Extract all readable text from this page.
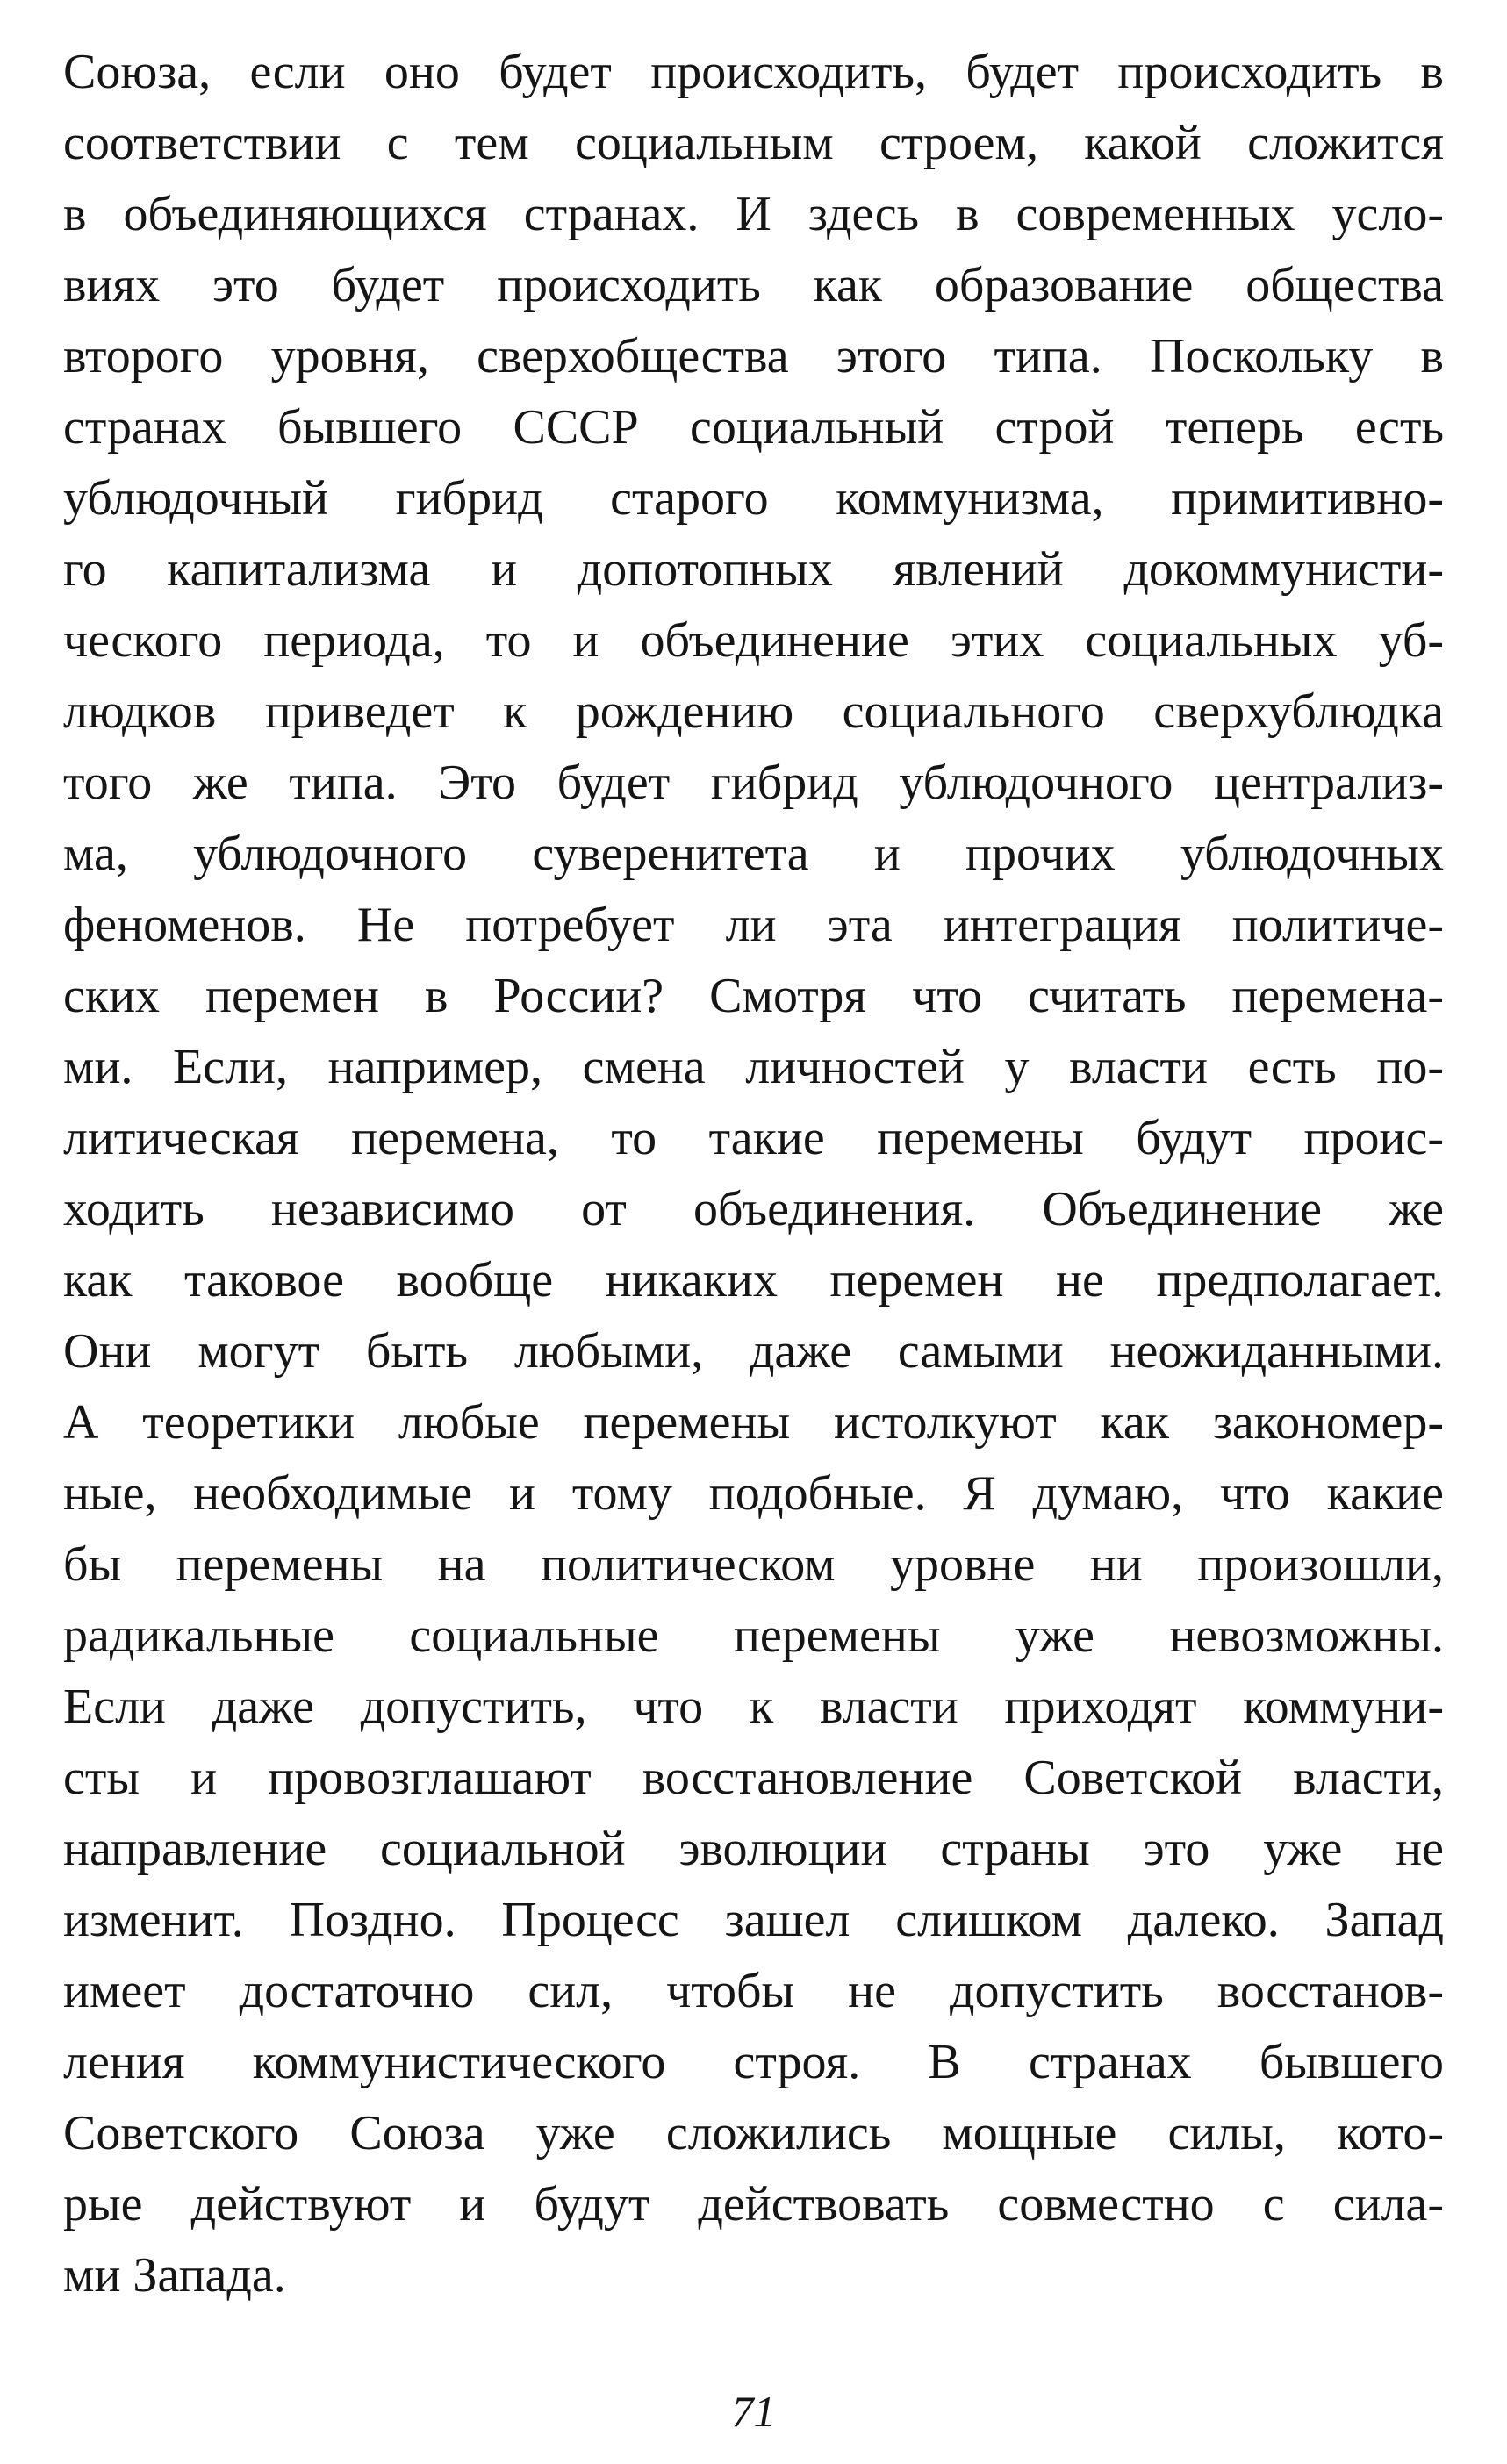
Союза, если оно будет происходить, будет происходить в
соответствии с тем социальным строем, какой сложится
в объединяющихся странах. И здесь в современных усло-
виях это будет происходить как образование общества
второго уровня, сверхобщества этого типа. Поскольку в
странах бывшего СССР социальный строй теперь есть
ублюдочный гибрид старого коммунизма, примитивно-
го капитализма и допотопных явлений докоммунисти-
ческого периода, то и объединение этих социальных уб-
людков приведет к рождению социального сверхублюдка
того же типа. Это будет гибрид ублюдочного централиз-
ма, ублюдочного суверенитета и прочих ублюдочных
феноменов. Не потребует ли эта интеграция политиче-
ских перемен в России? Смотря что считать перемена-
ми. Если, например, смена личностей у власти есть по-
литическая перемена, то такие перемены будут проис-
ходить независимо от объединения. Объединение же
как таковое вообще никаких перемен не предполагает.
Они могут быть любыми, даже самыми неожиданными.
А теоретики любые перемены истолкуют как закономер-
ные, необходимые и тому подобные. Я думаю, что какие
бы перемены на политическом уровне ни произошли,
радикальные социальные перемены уже невозможны.
Если даже допустить, что к власти приходят коммуни-
сты и провозглашают восстановление Советской власти,
направление социальной эволюции страны это уже не
изменит. Поздно. Процесс зашел слишком далеко. Запад
имеет достаточно сил, чтобы не допустить восстанов-
ления коммунистического строя. В странах бывшего
Советского Союза уже сложились мощные силы, кото-
рые действуют и будут действовать совместно с сила-
ми Запада.
71
